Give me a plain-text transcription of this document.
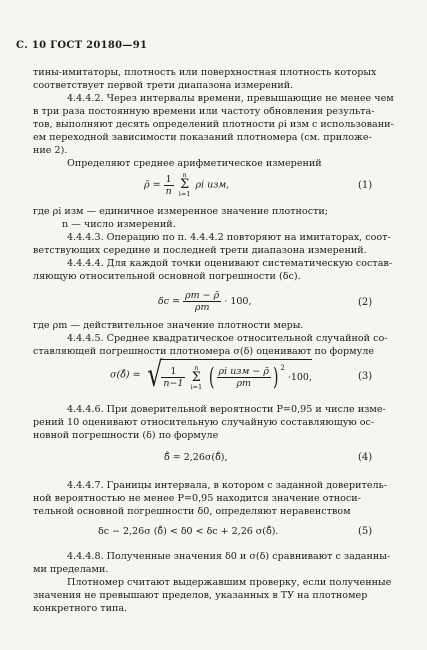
С. 10 ГОСТ 20180—91
тины-имитаторы, плотность или поверхностная плотность которых
соответствует первой трети диапазона измерений.
4.4.4.2. Через интервалы времени, превышающие не менее чем
в три раза постоянную времени или частоту обновления результа-
тов, выполняют десять определений плотности ρi изм с использовани-
ем переходной зависимости показаний плотномера (см. приложе-
ние 2).
Определяют среднее арифметическое измерений
ρ̄ = $\frac{1}{n}$ n
Σ
i=1 ρi изм,	(1)
где ρi изм — единичное измеренное значение плотности;
n — число измерений.
4.4.4.3. Операцию по п. 4.4.4.2 повторяют на имитаторах, соот-
ветствующих середине и последней трети диапазона измерений.
4.4.4.4. Для каждой точки оценивают систематическую состав-
ляющую относительной основной погрешности (δс).
$\delta с = \frac{\rho m - \rhō}{\rho m} \cdot 100$,	(2)
где ρm — действительное значение плотности меры.
4.4.4.5. Среднее квадратическое относительной случайной со-
ставляющей погрешности плотномера σ(δ) оценивают по формуле
σ(δ̊) = √ $\frac{1}{n-1}$ n
Σ
i=1 ( $\frac{\text{ρi изм − ρ̄}}{\rho m}$ ) $^2$ ·100,	(3)
4.4.4.6. При доверительной вероятности P=0,95 и числе изме-
рений 10 оценивают относительную случайную составляющую ос-
новной погрешности (δ) по формуле
δ̊ = 2,26σ(δ̊),	(4)
4.4.4.7. Границы интервала, в котором с заданной доверитель-
ной вероятностью не менее P=0,95 находится значение относи-
тельной основной погрешности δ0, определяют неравенством
δс − 2,26σ (δ̊) < δ0 < δс + 2,26 σ(δ̊).	(5)
4.4.4.8. Полученные значения δ0 и σ(δ) сравнивают с заданны-
ми пределами.
Плотномер считают выдержавшим проверку, если полученные
значения не превышают пределов, указанных в ТУ на плотномер
конкретного типа.
